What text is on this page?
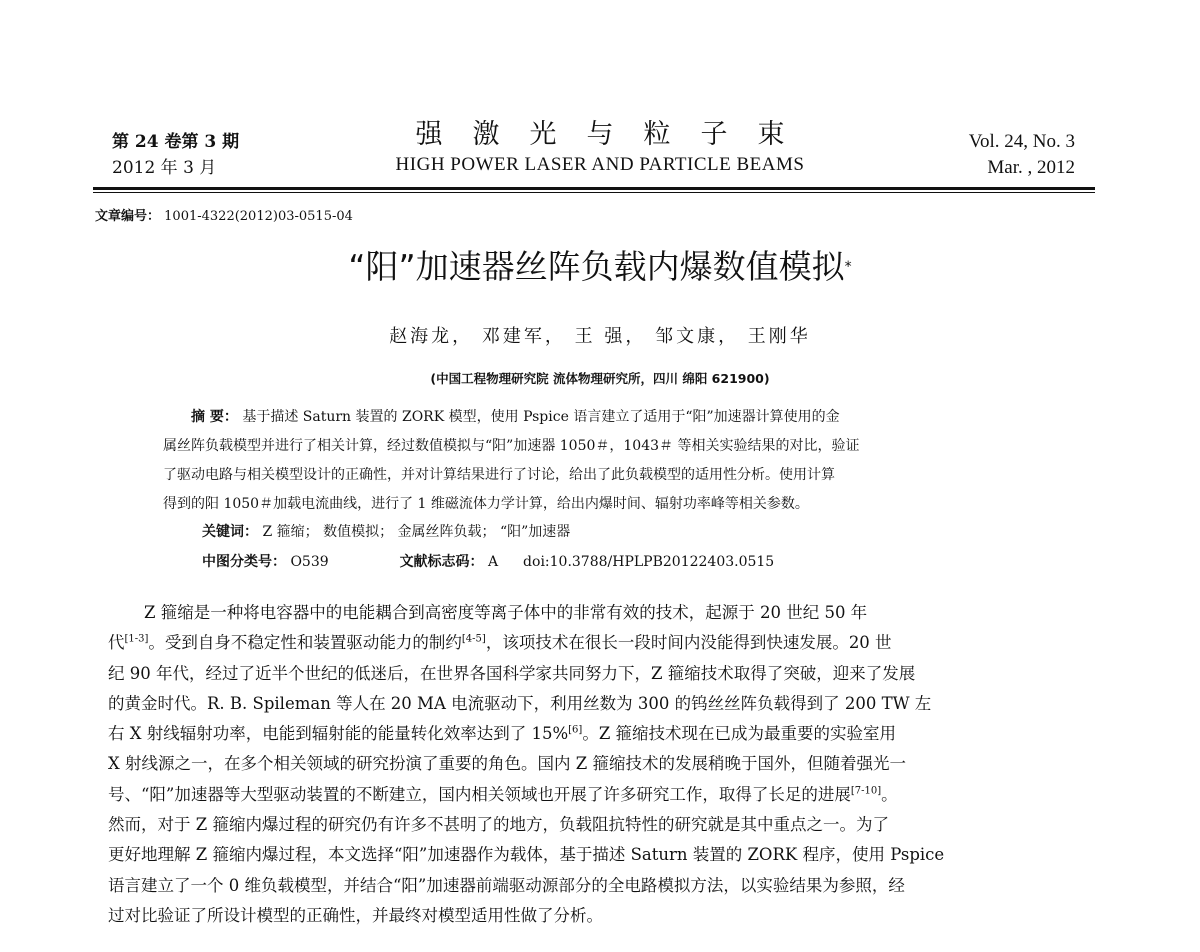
第 24 卷第 3 期
2012 年 3 月
强激光与粒子束
HIGH POWER LASER AND PARTICLE BEAMS
Vol. 24, No. 3
Mar. , 2012
文章编号： 1001-4322(2012)03-0515-04
“阳”加速器丝阵负载内爆数值模拟*
赵海龙， 邓建军， 王 强， 邹文康， 王刚华
(中国工程物理研究院 流体物理研究所，四川 绵阳 621900)
摘 要： 基于描述 Saturn 装置的 ZORK 模型，使用 Pspice 语言建立了适用于“阳”加速器计算使用的金
属丝阵负载模型并进行了相关计算，经过数值模拟与“阳”加速器 1050＃，1043＃ 等相关实验结果的对比，验证
了驱动电路与相关模型设计的正确性，并对计算结果进行了讨论，给出了此负载模型的适用性分析。使用计算
得到的阳 1050＃加载电流曲线，进行了 1 维磁流体力学计算，给出内爆时间、辐射功率峰等相关参数。
关键词： Z 箍缩； 数值模拟； 金属丝阵负载； “阳”加速器
中图分类号： O539	文献标志码： A doi:10.3788/HPLPB20122403.0515
Z 箍缩是一种将电容器中的电能耦合到高密度等离子体中的非常有效的技术，起源于 20 世纪 50 年
代[1-3]。受到自身不稳定性和装置驱动能力的制约[4-5]，该项技术在很长一段时间内没能得到快速发展。20 世
纪 90 年代，经过了近半个世纪的低迷后，在世界各国科学家共同努力下，Z 箍缩技术取得了突破，迎来了发展
的黄金时代。R. B. Spileman 等人在 20 MA 电流驱动下，利用丝数为 300 的钨丝丝阵负载得到了 200 TW 左
右 X 射线辐射功率，电能到辐射能的能量转化效率达到了 15%[6]。Z 箍缩技术现在已成为最重要的实验室用
X 射线源之一，在多个相关领域的研究扮演了重要的角色。国内 Z 箍缩技术的发展稍晚于国外，但随着强光一
号、“阳”加速器等大型驱动装置的不断建立，国内相关领域也开展了许多研究工作，取得了长足的进展[7-10]。
然而，对于 Z 箍缩内爆过程的研究仍有许多不甚明了的地方，负载阻抗特性的研究就是其中重点之一。为了
更好地理解 Z 箍缩内爆过程，本文选择“阳”加速器作为载体，基于描述 Saturn 装置的 ZORK 程序，使用 Pspice
语言建立了一个 0 维负载模型，并结合“阳”加速器前端驱动源部分的全电路模拟方法，以实验结果为参照，经
过对比验证了所设计模型的正确性，并最终对模型适用性做了分析。
